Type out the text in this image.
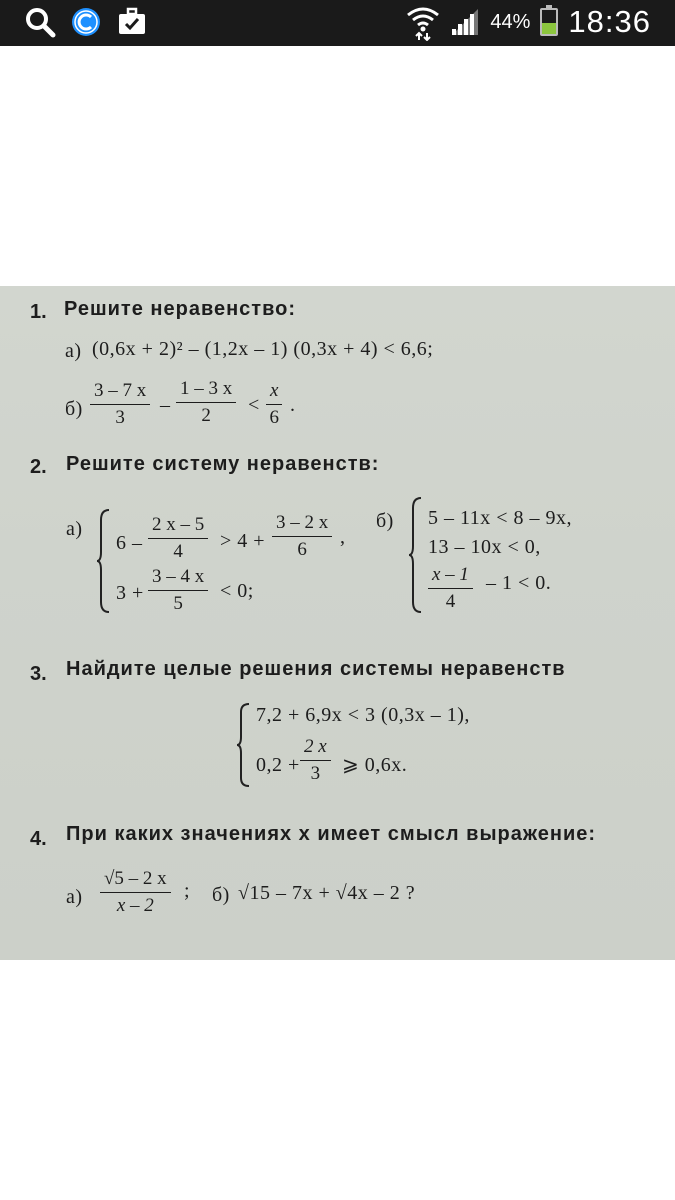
44% 18:36
1. Решите неравенство:
а) (0,6x + 2)² – (1,2x – 1) (0,3x + 4) < 6,6;
$б) \frac{3 - 7 x}{3} - \frac{1 - 3 x}{2} < \frac{x}{6}$ .
2. Решите систему неравенств:
а)
$6 - \frac{2 x - 5}{4} > 4 + \frac{3 - 2 x}{6}$ ,
$3 + \frac{3 - 4 x}{5} < 0$;
б) 5 – 11x < 8 – 9x,
13 – 10x < 0,
$\frac{x - 1}{4} - 1 < 0$.
3. Найдите целые решения системы неравенств
7,2 + 6,9x < 3 (0,3x – 1),
$0,2 + \frac{2 x}{3}$ ⩾ 0,6x.
4. При каких значениях x имеет смысл выражение:
$а) \frac{√5 - 2 x}{x - 2}$ ; б) √15 – 7x + √4x – 2 ?
